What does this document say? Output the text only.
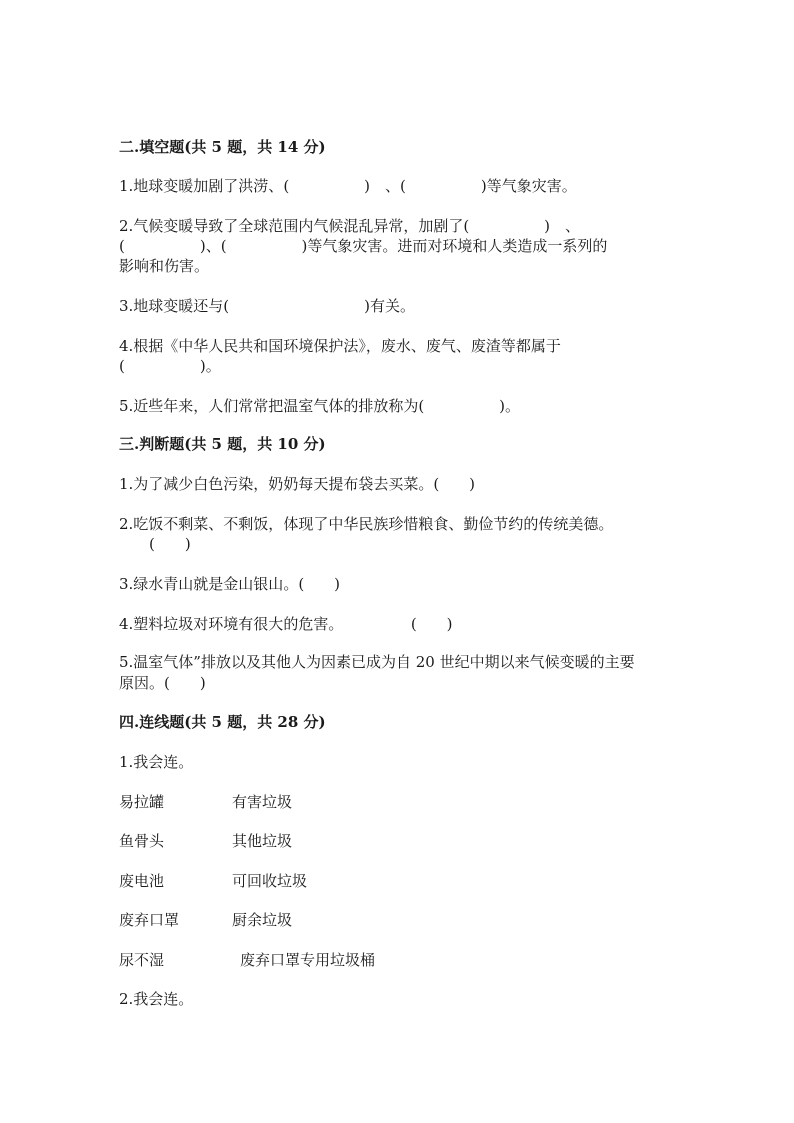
二.填空题(共 5 题，共 14 分)
1.地球变暖加剧了洪涝、(　　　　　)　、(　　　　　)等气象灾害。
2.气候变暖导致了全球范围内气候混乱异常，加剧了(　　　　　)　、
(　　　　　)、(　　　　　)等气象灾害。进而对环境和人类造成一系列的
影响和伤害。
3.地球变暖还与(　　　　　　　　　)有关。
4.根据《中华人民共和国环境保护法》，废水、废气、废渣等都属于
(　　　　　)。
5.近些年来，人们常常把温室气体的排放称为(　　　　　)。
三.判断题(共 5 题，共 10 分)
1.为了减少白色污染，奶奶每天提布袋去买菜。(　　)
2.吃饭不剩菜、不剩饭，体现了中华民族珍惜粮食、勤俭节约的传统美德。
　　(　　)
3.绿水青山就是金山银山。(　　)
4.塑料垃圾对环境有很大的危害。　　　　　(　　)
5.温室气体”排放以及其他人为因素已成为自 20 世纪中期以来气候变暖的主要
原因。(　　)
四.连线题(共 5 题，共 28 分)
1.我会连。
易拉罐	有害垃圾
鱼骨头	其他垃圾
废电池	可回收垃圾
废弃口罩	厨余垃圾
尿不湿	废弃口罩专用垃圾桶
2.我会连。
